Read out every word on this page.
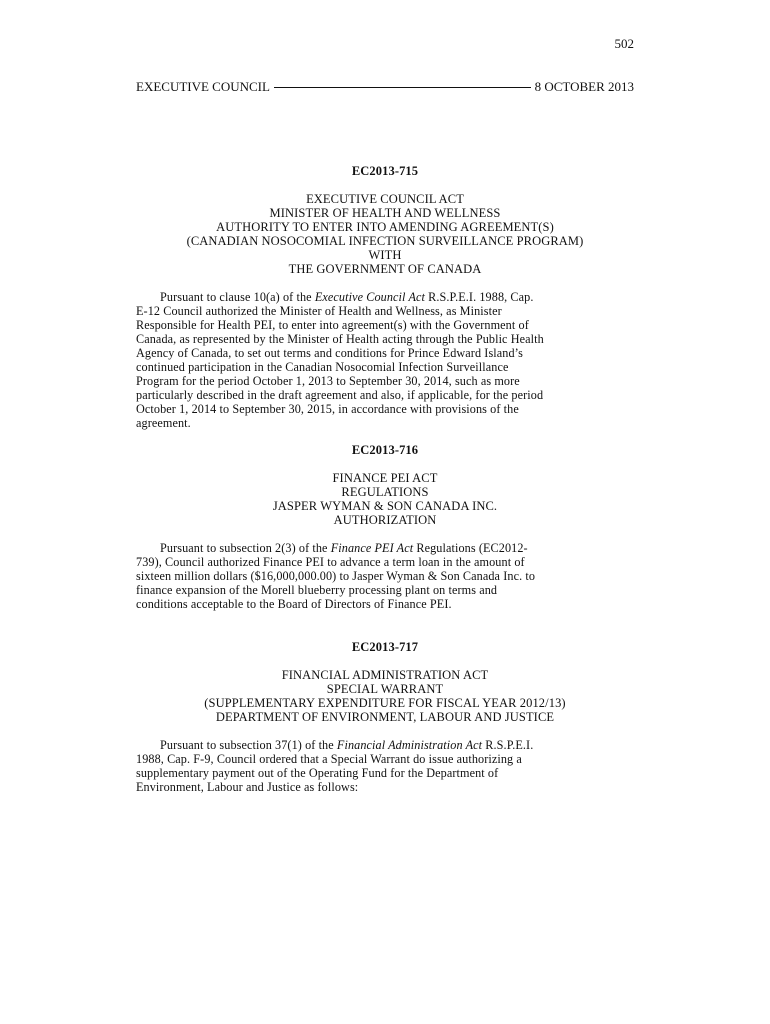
502
EXECUTIVE COUNCIL	8 OCTOBER 2013
EC2013-715
EXECUTIVE COUNCIL ACT
MINISTER OF HEALTH AND WELLNESS
AUTHORITY TO ENTER INTO AMENDING AGREEMENT(S)
(CANADIAN NOSOCOMIAL INFECTION SURVEILLANCE PROGRAM)
WITH
THE GOVERNMENT OF CANADA
Pursuant to clause 10(a) of the Executive Council Act R.S.P.E.I. 1988, Cap.
E-12 Council authorized the Minister of Health and Wellness, as Minister
Responsible for Health PEI, to enter into agreement(s) with the Government of
Canada, as represented by the Minister of Health acting through the Public Health
Agency of Canada, to set out terms and conditions for Prince Edward Island’s
continued participation in the Canadian Nosocomial Infection Surveillance
Program for the period October 1, 2013 to September 30, 2014, such as more
particularly described in the draft agreement and also, if applicable, for the period
October 1, 2014 to September 30, 2015, in accordance with provisions of the
agreement.
EC2013-716
FINANCE PEI ACT
REGULATIONS
JASPER WYMAN & SON CANADA INC.
AUTHORIZATION
Pursuant to subsection 2(3) of the Finance PEI Act Regulations (EC2012-
739), Council authorized Finance PEI to advance a term loan in the amount of
sixteen million dollars ($16,000,000.00) to Jasper Wyman & Son Canada Inc. to
finance expansion of the Morell blueberry processing plant on terms and
conditions acceptable to the Board of Directors of Finance PEI.
EC2013-717
FINANCIAL ADMINISTRATION ACT
SPECIAL WARRANT
(SUPPLEMENTARY EXPENDITURE FOR FISCAL YEAR 2012/13)
DEPARTMENT OF ENVIRONMENT, LABOUR AND JUSTICE
Pursuant to subsection 37(1) of the Financial Administration Act R.S.P.E.I.
1988, Cap. F-9, Council ordered that a Special Warrant do issue authorizing a
supplementary payment out of the Operating Fund for the Department of
Environment, Labour and Justice as follows:
